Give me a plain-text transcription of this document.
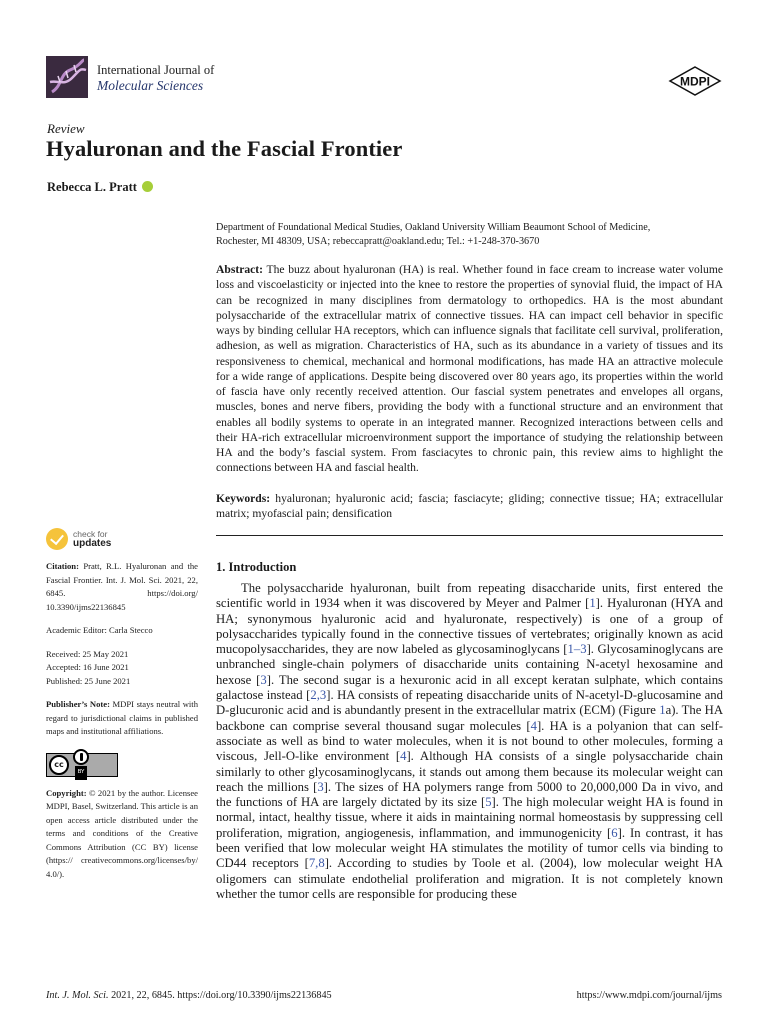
International Journal of
Molecular Sciences	MDPI
Review
Hyaluronan and the Fascial Frontier
Rebecca L. Pratt
Department of Foundational Medical Studies, Oakland University William Beaumont School of Medicine,
Rochester, MI 48309, USA; rebeccapratt@oakland.edu; Tel.: +1-248-370-3670

Abstract: The buzz about hyaluronan (HA) is real. Whether found in face cream to increase water volume loss and viscoelasticity or injected into the knee to restore the properties of synovial fluid, the impact of HA can be recognized in many disciplines from dermatology to orthopedics. HA is the most abundant polysaccharide of the extracellular matrix of connective tissues. HA can impact cell behavior in specific ways by binding cellular HA receptors, which can influence signals that facilitate cell survival, proliferation, adhesion, as well as migration. Characteristics of HA, such as its abundance in a variety of tissues and its responsiveness to chemical, mechanical and hormonal modifications, has made HA an attractive molecule for a wide range of applications. Despite being discovered over 80 years ago, its properties within the world of fascia have only recently received attention. Our fascial system penetrates and envelopes all organs, muscles, bones and nerve fibers, providing the body with a functional structure and an environment that enables all bodily systems to operate in an integrated manner. Recognized interactions between cells and their HA-rich extracellular microenvironment support the importance of studying the relationship between HA and the body’s fascial system. From fasciacytes to chronic pain, this review aims to highlight the connections between HA and fascial health.

Keywords: hyaluronan; hyaluronic acid; fascia; fasciacyte; gliding; connective tissue; HA; extracellular matrix; myofascial pain; densification

1. Introduction

The polysaccharide hyaluronan, built from repeating disaccharide units, first entered the scientific world in 1934 when it was discovered by Meyer and Palmer [1]. Hyaluronan (HYA and HA; synonymous hyaluronic acid and hyaluronate, respectively) is one of a group of polysaccharides typically found in the connective tissues of vertebrates; originally known as acid mucopolysaccharides, they are now labeled as glycosaminoglycans [1–3]. Glycosaminoglycans are unbranched single-chain polymers of disaccharide units containing N-acetyl hexosamine and hexose [3]. The second sugar is a hexuronic acid in all except keratan sulphate, which contains galactose instead [2,3]. HA consists of repeating disaccharide units of N-acetyl-D-glucosamine and D-glucuronic acid and is abundantly present in the extracellular matrix (ECM) (Figure 1a). The HA backbone can comprise several thousand sugar molecules [4]. HA is a polyanion that can self-associate as well as bind to water molecules, when it is not bound to other molecules, forming a viscous, Jell-O-like environment [4]. Although HA consists of a single polysaccharide chain similarly to other glycosaminoglycans, it stands out among them because its molecular weight can reach the millions [3]. The sizes of HA polymers range from 5000 to 20,000,000 Da in vivo, and the functions of HA are largely dictated by its size [5]. The high molecular weight HA is found in normal, intact, healthy tissue, where it aids in maintaining normal homeostasis by suppressing cell proliferation, migration, angiogenesis, inflammation, and immunogenicity [6]. In contrast, it has been verified that low molecular weight HA stimulates the motility of tumor cells via binding to CD44 receptors [7,8]. According to studies by Toole et al. (2004), low molecular weight HA oligomers can stimulate endothelial proliferation and migration. It is not completely known whether the tumor cells are responsible for producing these

check for
updates

Citation: Pratt, R.L. Hyaluronan and the Fascial Frontier. Int. J. Mol. Sci. 2021, 22, 6845. https://doi.org/ 10.3390/ijms22136845

Academic Editor: Carla Stecco

Received: 25 May 2021
Accepted: 16 June 2021
Published: 25 June 2021

Publisher’s Note: MDPI stays neutral with regard to jurisdictional claims in published maps and institutional affiliations.

cc
BY

Copyright: © 2021 by the author. Licensee MDPI, Basel, Switzerland. This article is an open access article distributed under the terms and conditions of the Creative Commons Attribution (CC BY) license (https:// creativecommons.org/licenses/by/ 4.0/).

Int. J. Mol. Sci. 2021, 22, 6845. https://doi.org/10.3390/ijms22136845	https://www.mdpi.com/journal/ijms
